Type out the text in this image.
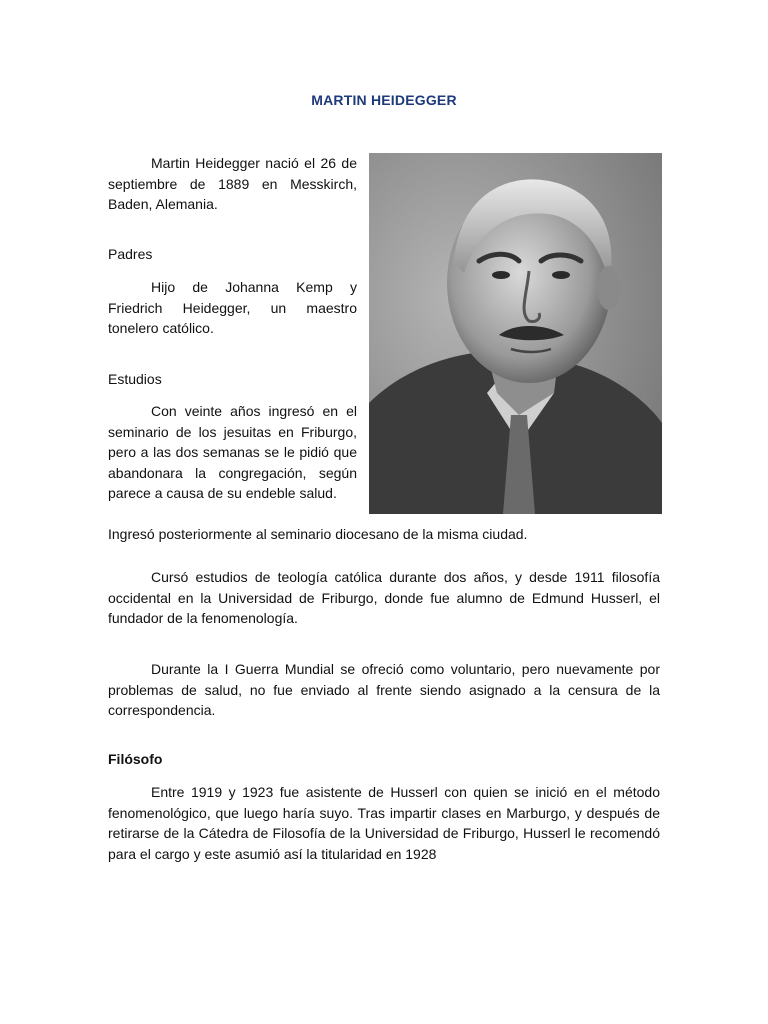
MARTIN HEIDEGGER

Martin Heidegger nació el 26 de septiembre de 1889 en Messkirch, Baden, Alemania.

Padres

Hijo de Johanna Kemp y Friedrich Heidegger, un maestro tonelero católico.

Estudios

Con veinte años ingresó en el seminario de los jesuitas en Friburgo, pero a las dos semanas se le pidió que abandonara la congregación, según parece a causa de su endeble salud.

Ingresó posteriormente al seminario diocesano de la misma ciudad.

Cursó estudios de teología católica durante dos años, y desde 1911 filosofía occidental en la Universidad de Friburgo, donde fue alumno de Edmund Husserl, el fundador de la fenomenología.

Durante la I Guerra Mundial se ofreció como voluntario, pero nuevamente por problemas de salud, no fue enviado al frente siendo asignado a la censura de la correspondencia.

Filósofo

Entre 1919 y 1923 fue asistente de Husserl con quien se inició en el método fenomenológico, que luego haría suyo. Tras impartir clases en Marburgo, y después de retirarse de la Cátedra de Filosofía de la Universidad de Friburgo, Husserl le recomendó para el cargo y este asumió así la titularidad en 1928
